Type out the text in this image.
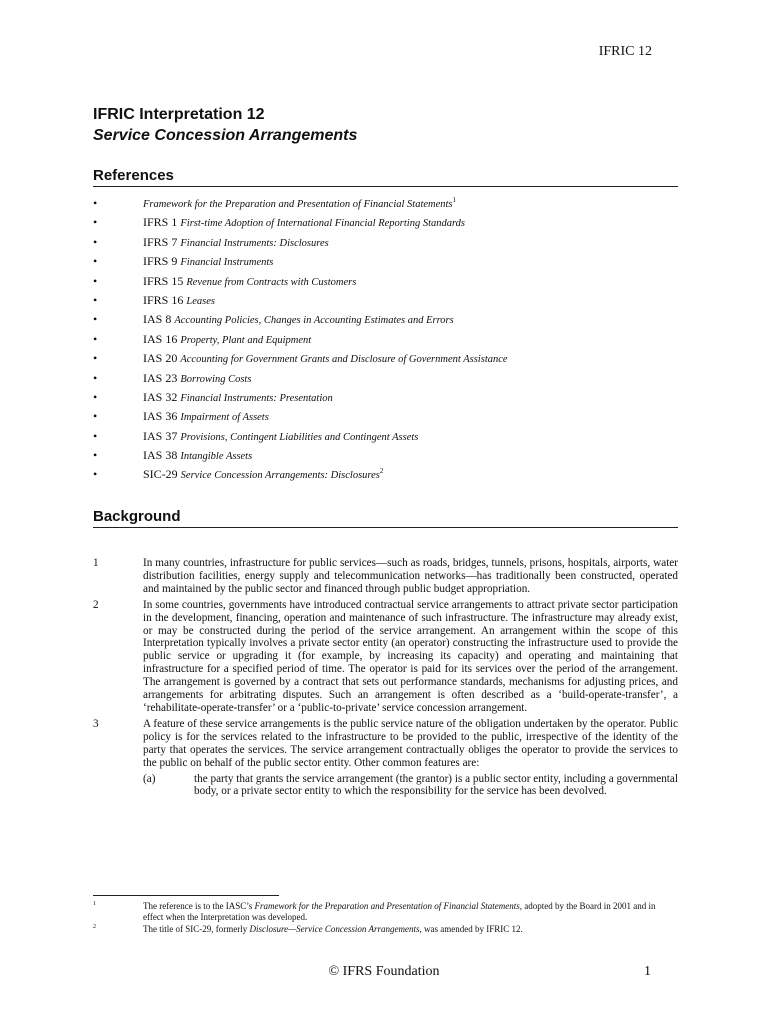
IFRIC 12
IFRIC Interpretation 12
Service Concession Arrangements
References
•	Framework for the Preparation and Presentation of Financial Statements$^1$
•	IFRS 1 First‑time Adoption of International Financial Reporting Standards
•	IFRS 7 Financial Instruments: Disclosures
•	IFRS 9 Financial Instruments
•	IFRS 15 Revenue from Contracts with Customers
•	IFRS 16 Leases
•	IAS 8 Accounting Policies, Changes in Accounting Estimates and Errors
•	IAS 16 Property, Plant and Equipment
•	IAS 20 Accounting for Government Grants and Disclosure of Government Assistance
•	IAS 23 Borrowing Costs
•	IAS 32 Financial Instruments: Presentation
•	IAS 36 Impairment of Assets
•	IAS 37 Provisions, Contingent Liabilities and Contingent Assets
•	IAS 38 Intangible Assets
•	SIC‑29 Service Concession Arrangements: Disclosures$^2$
Background
1	In many countries, infrastructure for public services—such as roads, bridges, tunnels, prisons, hospitals, airports, water distribution facilities, energy supply and telecommunication networks—has traditionally been constructed, operated and maintained by the public sector and financed through public budget appropriation.
2	In some countries, governments have introduced contractual service arrangements to attract private sector participation in the development, financing, operation and maintenance of such infrastructure. The infrastructure may already exist, or may be constructed during the period of the service arrangement. An arrangement within the scope of this Interpretation typically involves a private sector entity (an operator) constructing the infrastructure used to provide the public service or upgrading it (for example, by increasing its capacity) and operating and maintaining that infrastructure for a specified period of time. The operator is paid for its services over the period of the arrangement. The arrangement is governed by a contract that sets out performance standards, mechanisms for adjusting prices, and arrangements for arbitrating disputes. Such an arrangement is often described as a ‘build‑operate‑transfer’, a ‘rehabilitate‑operate‑transfer’ or a ‘public‑to‑private’ service concession arrangement.
3	A feature of these service arrangements is the public service nature of the obligation undertaken by the operator. Public policy is for the services related to the infrastructure to be provided to the public, irrespective of the identity of the party that operates the services. The service arrangement contractually obliges the operator to provide the services to the public on behalf of the public sector entity. Other common features are:
(a)	the party that grants the service arrangement (the grantor) is a public sector entity, including a governmental body, or a private sector entity to which the responsibility for the service has been devolved.
1	The reference is to the IASC’s Framework for the Preparation and Presentation of Financial Statements, adopted by the Board in 2001 and in effect when the Interpretation was developed.
2	The title of SIC‑29, formerly Disclosure—Service Concession Arrangements, was amended by IFRIC 12.
© IFRS Foundation	1
